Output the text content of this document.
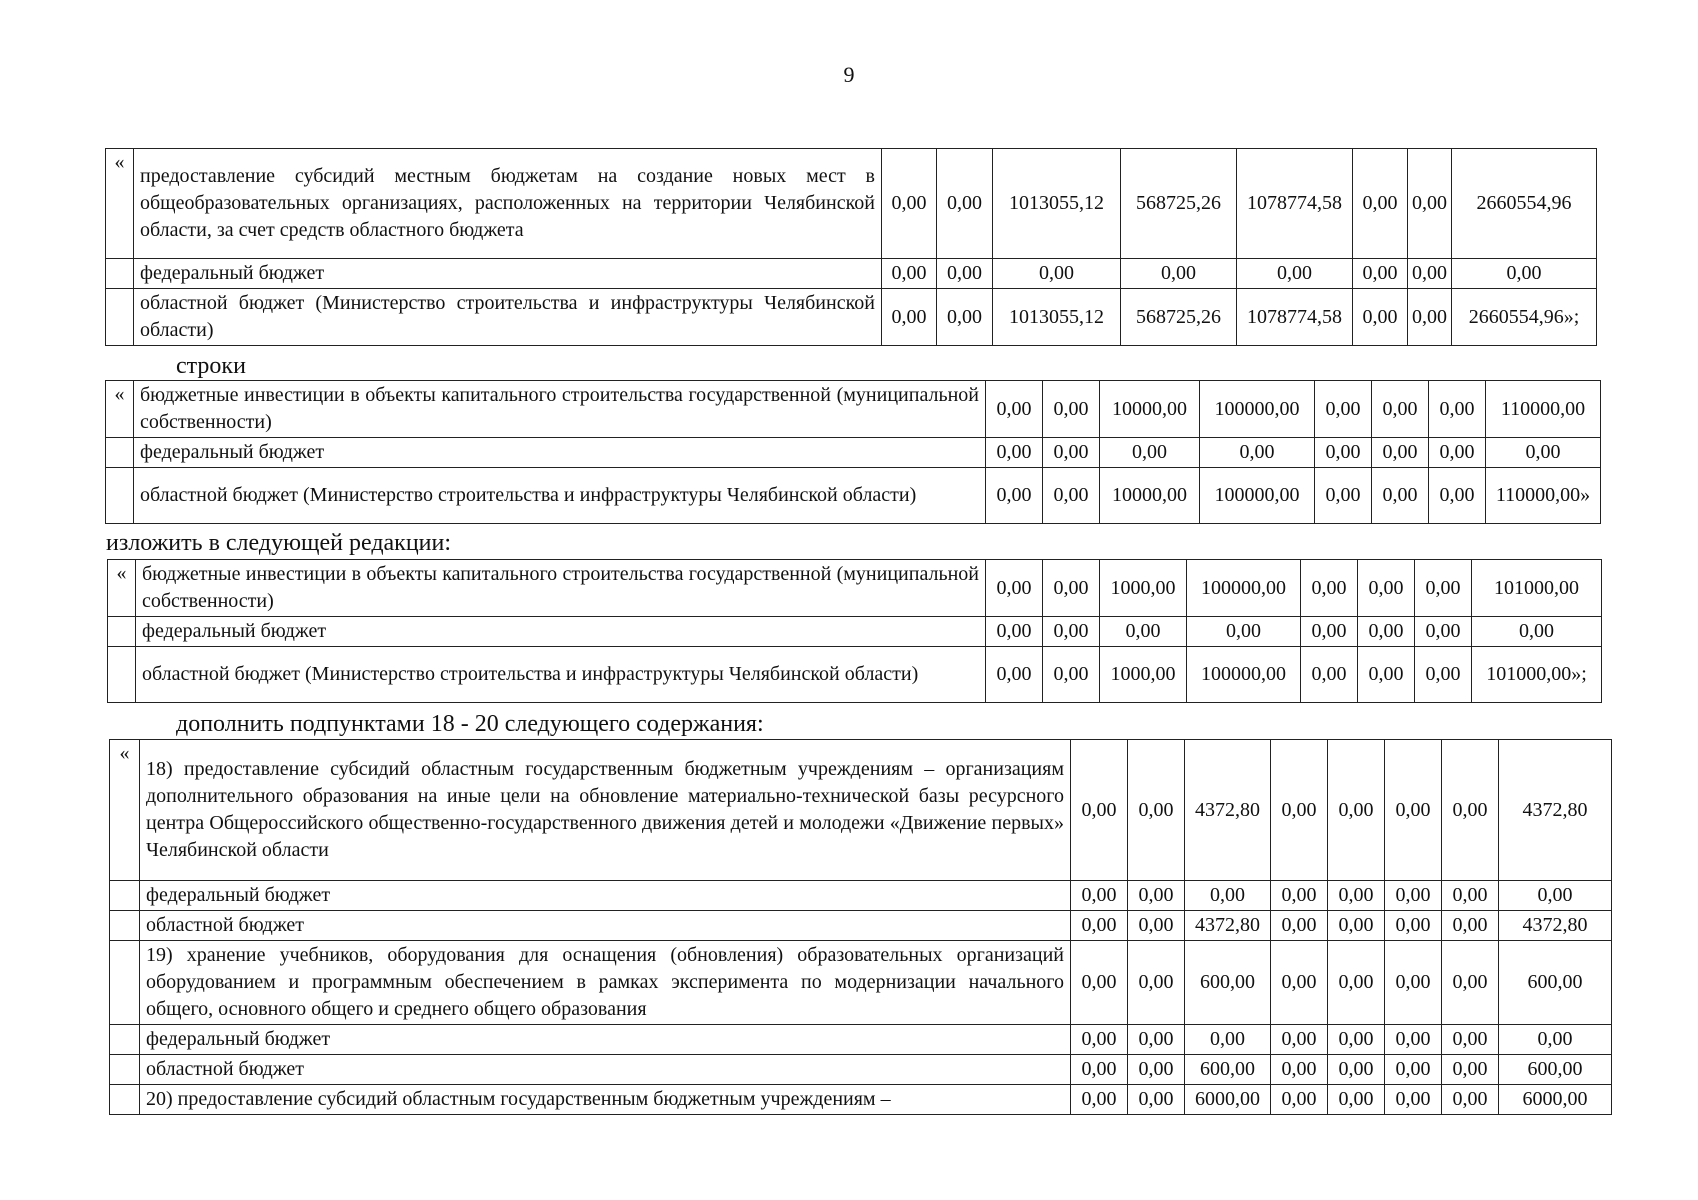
9
«	предоставление субсидий местным бюджетам на создание новых мест в общеобразовательных организациях, расположенных на территории Челябинской области, за счет средств областного бюджета	0,00	0,00	1013055,12	568725,26	1078774,58	0,00	0,00	2660554,96
	федеральный бюджет	0,00	0,00	0,00	0,00	0,00	0,00	0,00	0,00
	областной бюджет (Министерство строительства и инфраструктуры Челябинской области)	0,00	0,00	1013055,12	568725,26	1078774,58	0,00	0,00	2660554,96»;
строки
«	бюджетные инвестиции в объекты капитального строительства государственной (муниципальной собственности)	0,00	0,00	10000,00	100000,00	0,00	0,00	0,00	110000,00
	федеральный бюджет	0,00	0,00	0,00	0,00	0,00	0,00	0,00	0,00
	областной бюджет (Министерство строительства и инфраструктуры Челябинской области)	0,00	0,00	10000,00	100000,00	0,00	0,00	0,00	110000,00»
изложить в следующей редакции:
«	бюджетные инвестиции в объекты капитального строительства государственной (муниципальной собственности)	0,00	0,00	1000,00	100000,00	0,00	0,00	0,00	101000,00
	федеральный бюджет	0,00	0,00	0,00	0,00	0,00	0,00	0,00	0,00
	областной бюджет (Министерство строительства и инфраструктуры Челябинской области)	0,00	0,00	1000,00	100000,00	0,00	0,00	0,00	101000,00»;
дополнить подпунктами 18 - 20 следующего содержания:
«	18) предоставление субсидий областным государственным бюджетным учреждениям – организациям дополнительного образования на иные цели на обновление материально-технической базы ресурсного центра Общероссийского общественно-государственного движения детей и молодежи «Движение первых» Челябинской области	0,00	0,00	4372,80	0,00	0,00	0,00	0,00	4372,80
	федеральный бюджет	0,00	0,00	0,00	0,00	0,00	0,00	0,00	0,00
	областной бюджет	0,00	0,00	4372,80	0,00	0,00	0,00	0,00	4372,80
	19) хранение учебников, оборудования для оснащения (обновления) образовательных организаций оборудованием и программным обеспечением в рамках эксперимента по модернизации начального общего, основного общего и среднего общего образования	0,00	0,00	600,00	0,00	0,00	0,00	0,00	600,00
	федеральный бюджет	0,00	0,00	0,00	0,00	0,00	0,00	0,00	0,00
	областной бюджет	0,00	0,00	600,00	0,00	0,00	0,00	0,00	600,00
	20) предоставление субсидий областным государственным бюджетным учреждениям –	0,00	0,00	6000,00	0,00	0,00	0,00	0,00	6000,00
